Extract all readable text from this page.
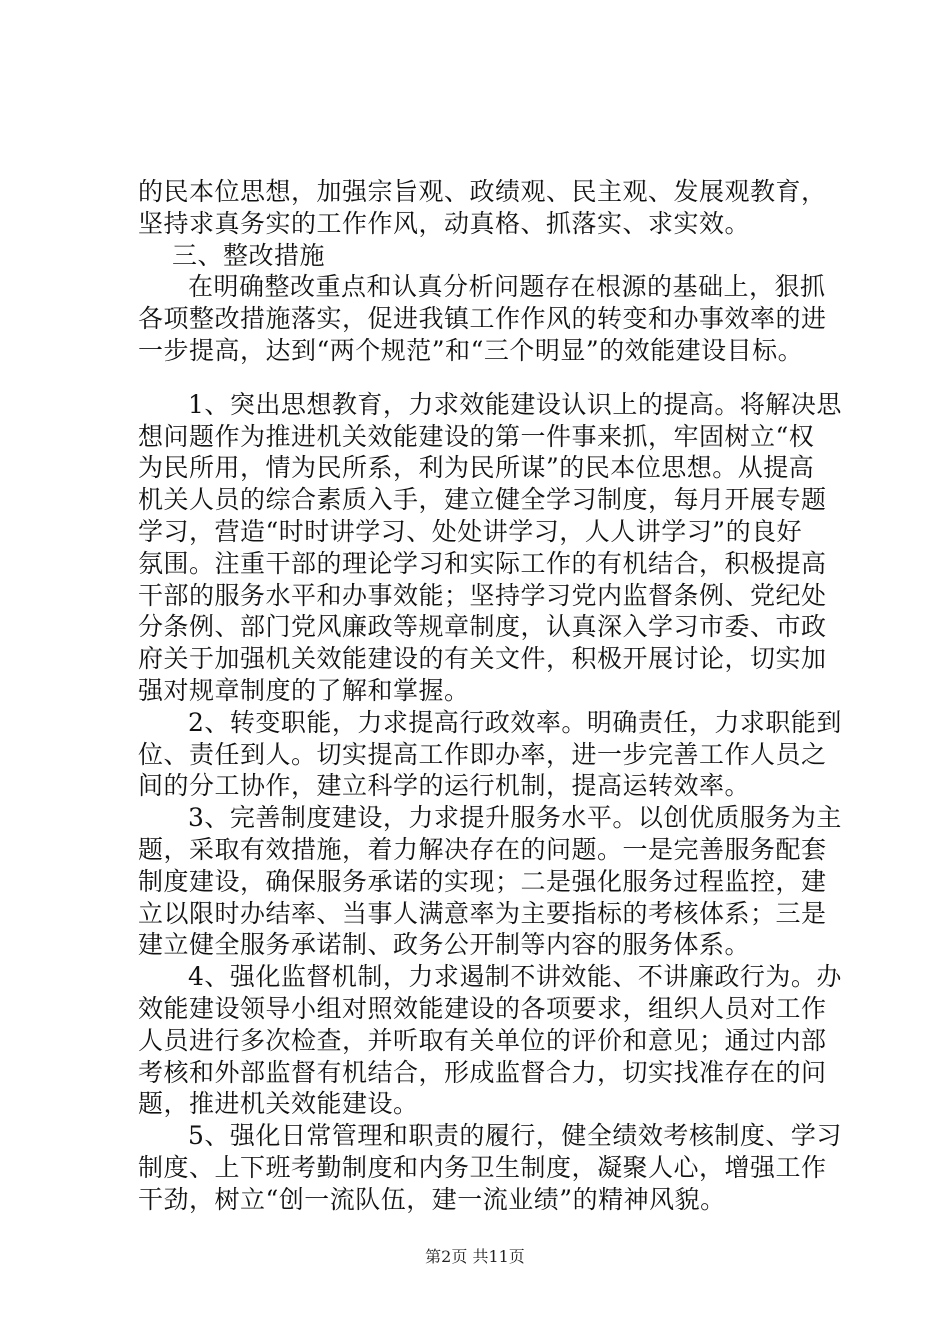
的民本位思想，加强宗旨观、政绩观、民主观、发展观教育，
坚持求真务实的工作作风，动真格、抓落实、求实效。
三、整改措施
在明确整改重点和认真分析问题存在根源的基础上，狠抓
各项整改措施落实，促进我镇工作作风的转变和办事效率的进
一步提高，达到“两个规范”和“三个明显”的效能建设目标。
1、突出思想教育，力求效能建设认识上的提高。将解决思
想问题作为推进机关效能建设的第一件事来抓，牢固树立“权
为民所用，情为民所系，利为民所谋”的民本位思想。从提高
机关人员的综合素质入手，建立健全学习制度，每月开展专题
学习，营造“时时讲学习、处处讲学习，人人讲学习”的良好
氛围。注重干部的理论学习和实际工作的有机结合，积极提高
干部的服务水平和办事效能；坚持学习党内监督条例、党纪处
分条例、部门党风廉政等规章制度，认真深入学习市委、市政
府关于加强机关效能建设的有关文件，积极开展讨论，切实加
强对规章制度的了解和掌握。
2、转变职能，力求提高行政效率。明确责任，力求职能到
位、责任到人。切实提高工作即办率，进一步完善工作人员之
间的分工协作，建立科学的运行机制，提高运转效率。
3、完善制度建设，力求提升服务水平。以创优质服务为主
题，采取有效措施，着力解决存在的问题。一是完善服务配套
制度建设，确保服务承诺的实现；二是强化服务过程监控，建
立以限时办结率、当事人满意率为主要指标的考核体系；三是
建立健全服务承诺制、政务公开制等内容的服务体系。
4、强化监督机制，力求遏制不讲效能、不讲廉政行为。办
效能建设领导小组对照效能建设的各项要求，组织人员对工作
人员进行多次检查，并听取有关单位的评价和意见；通过内部
考核和外部监督有机结合，形成监督合力，切实找准存在的问
题，推进机关效能建设。
5、强化日常管理和职责的履行，健全绩效考核制度、学习
制度、上下班考勤制度和内务卫生制度，凝聚人心，增强工作
干劲，树立“创一流队伍，建一流业绩”的精神风貌。
第2页 共11页
